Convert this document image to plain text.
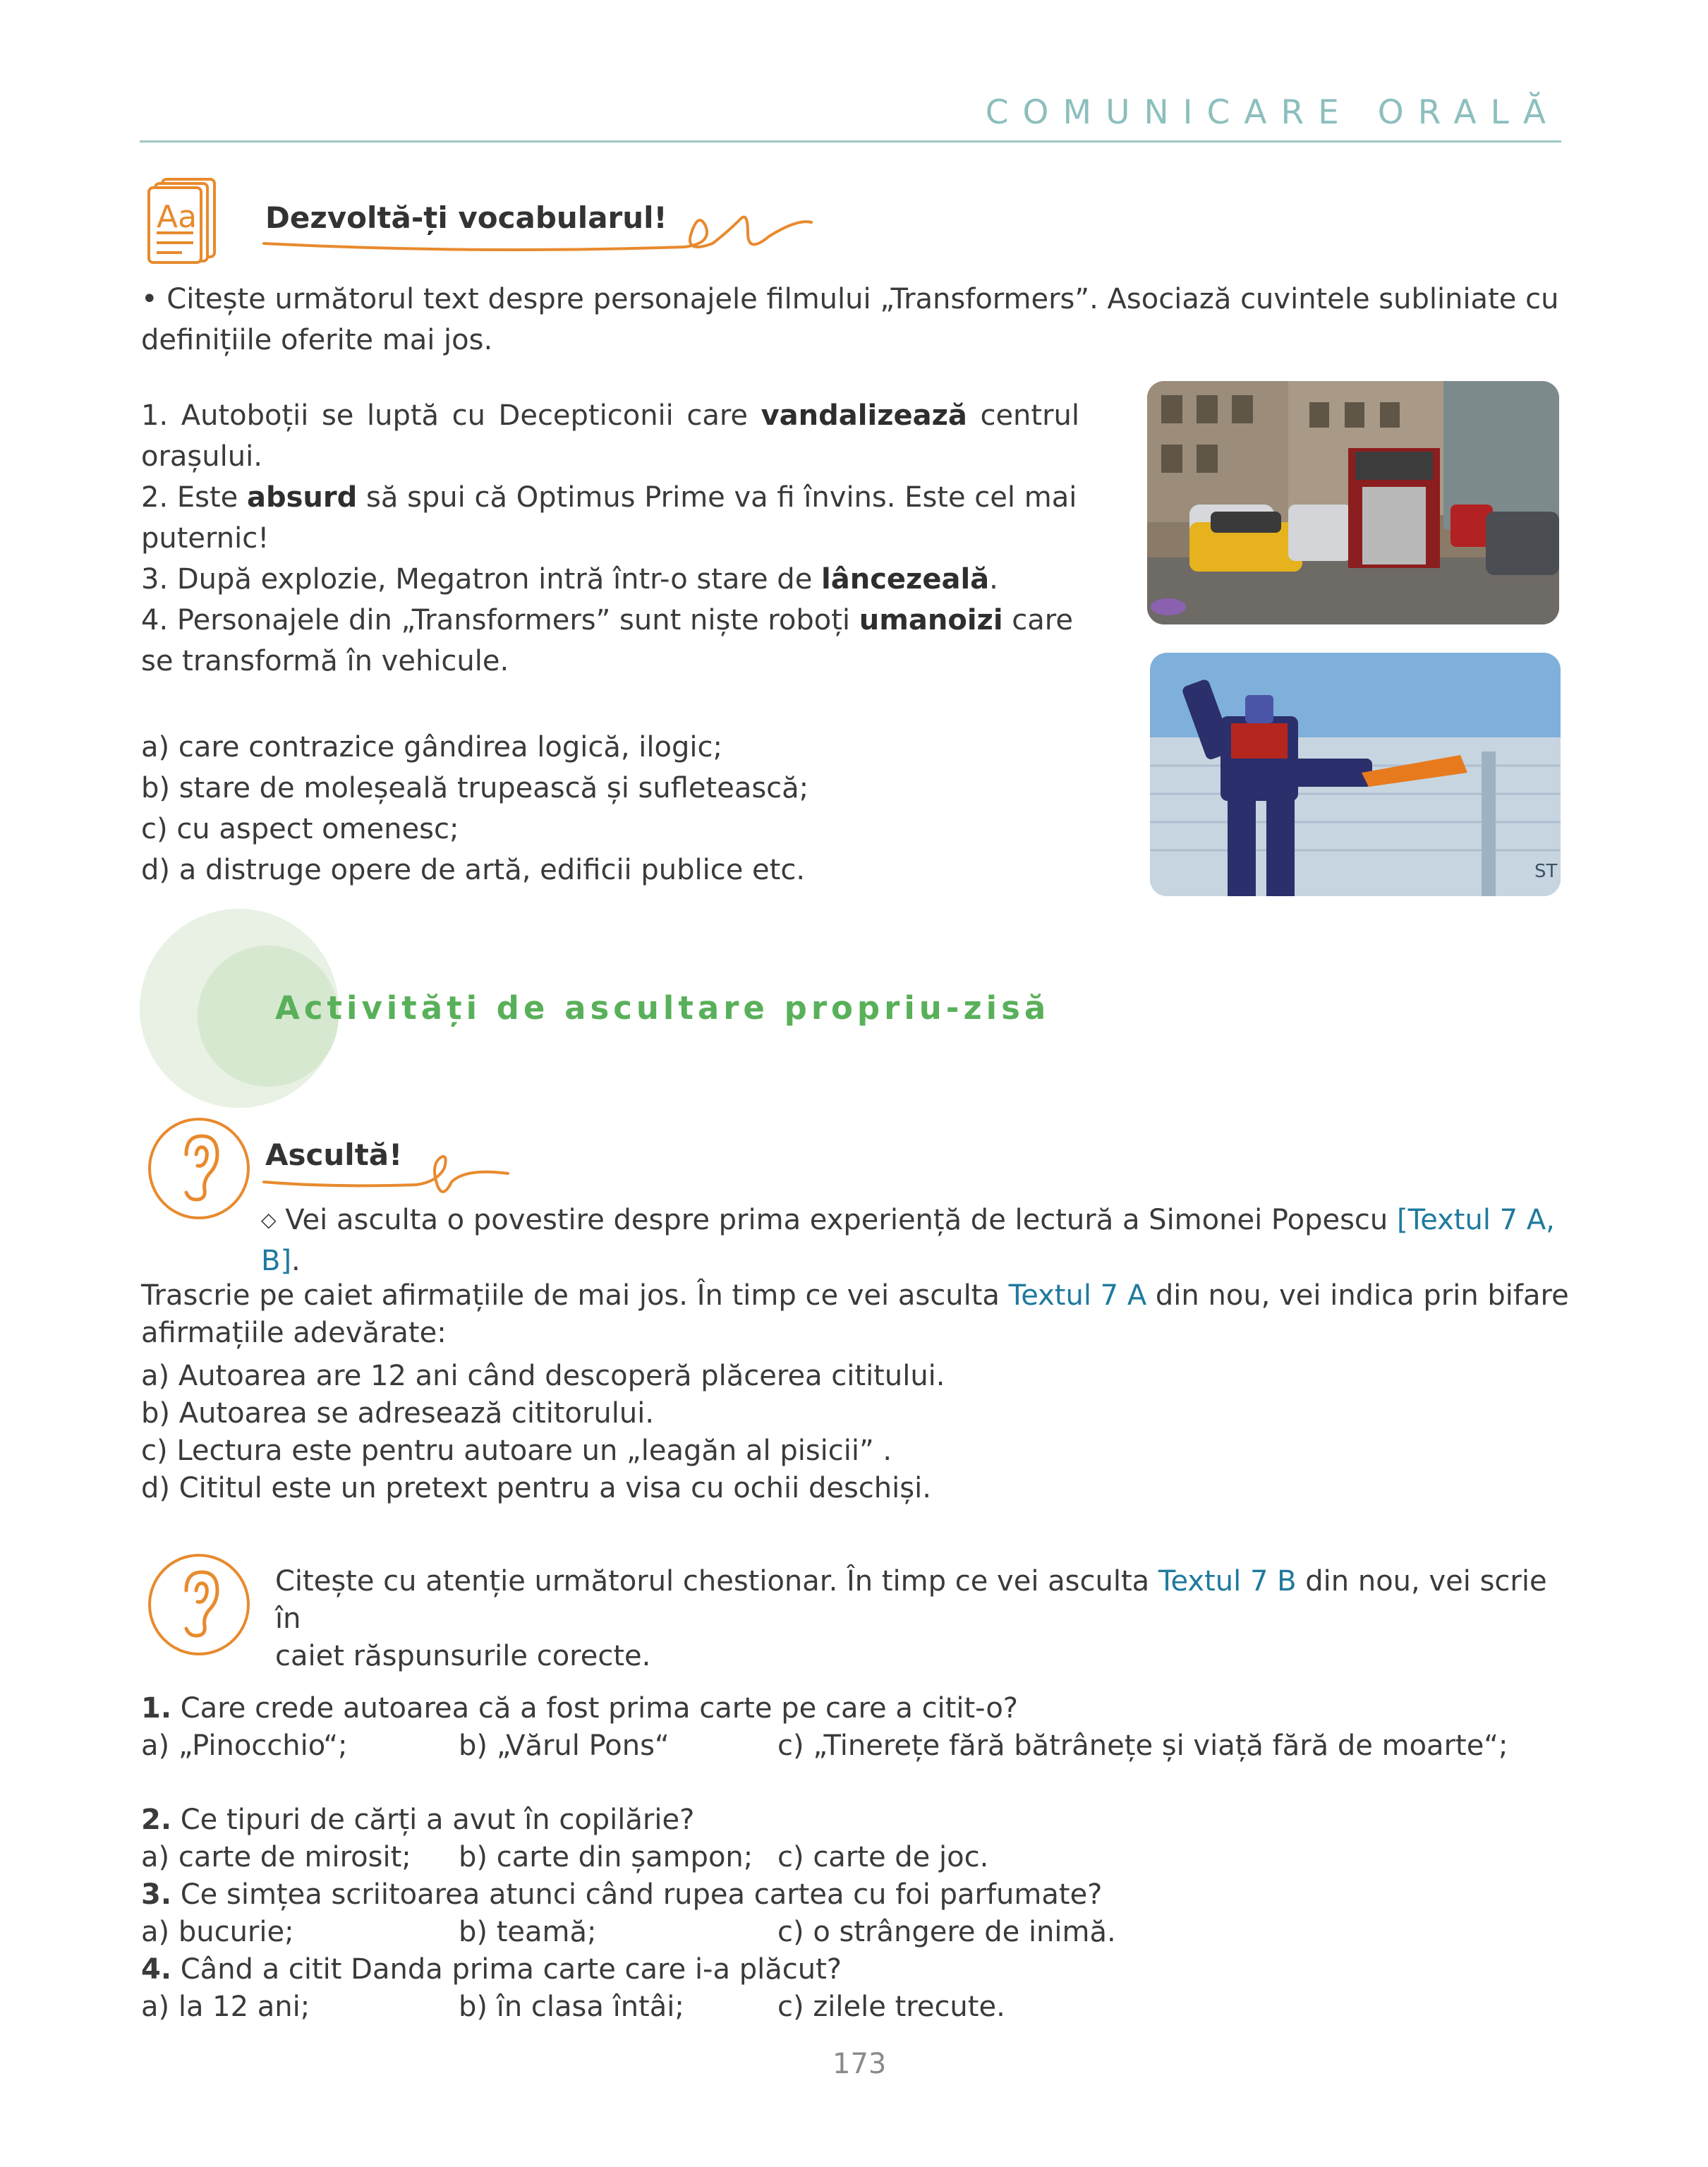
COMUNICARE ORALĂ
Aa Dezvoltă-ți vocabularul!
• Citește următorul text despre personajele filmului „Transformers”. Asociază cuvintele subliniate cu
definițiile oferite mai jos.
1. Autoboții se luptă cu Decepticonii care vandalizează centrul
orașului.
2. Este absurd să spui că Optimus Prime va fi învins. Este cel mai
puternic!
3. După explozie, Megatron intră într-o stare de lâncezeală.
4. Personajele din „Transformers” sunt niște roboți umanoizi care
se transformă în vehicule.
a) care contrazice gândirea logică, ilogic;
b) stare de moleșeală trupească și sufletească;
c) cu aspect omenesc;
d) a distruge opere de artă, edificii publice etc.	ST
Activități de ascultare propriu-zisă
Ascultă!
◇ Vei asculta o povestire despre prima experiență de lectură a Simonei Popescu [Textul 7 A, B].
Trascrie pe caiet afirmațiile de mai jos. În timp ce vei asculta Textul 7 A din nou, vei indica prin bifare
afirmațiile adevărate:
a) Autoarea are 12 ani când descoperă plăcerea cititului.
b) Autoarea se adresează cititorului.
c) Lectura este pentru autoare un „leagăn al pisicii” .
d) Cititul este un pretext pentru a visa cu ochii deschiși.
Citește cu atenție următorul chestionar. În timp ce vei asculta Textul 7 B din nou, vei scrie în
caiet răspunsurile corecte.
1. Care crede autoarea că a fost prima carte pe care a citit-o?
a) „Pinocchio“;	b) „Vărul Pons“	c) „Tinerețe fără bătrânețe și viață fără de moarte“;
2. Ce tipuri de cărți a avut în copilărie?
a) carte de mirosit;	b) carte din șampon; c) carte de joc.
3. Ce simțea scriitoarea atunci când rupea cartea cu foi parfumate?
a) bucurie;	b) teamă;	c) o strângere de inimă.
4. Când a citit Danda prima carte care i-a plăcut?
a) la 12 ani;	b) în clasa întâi;	c) zilele trecute.
173
